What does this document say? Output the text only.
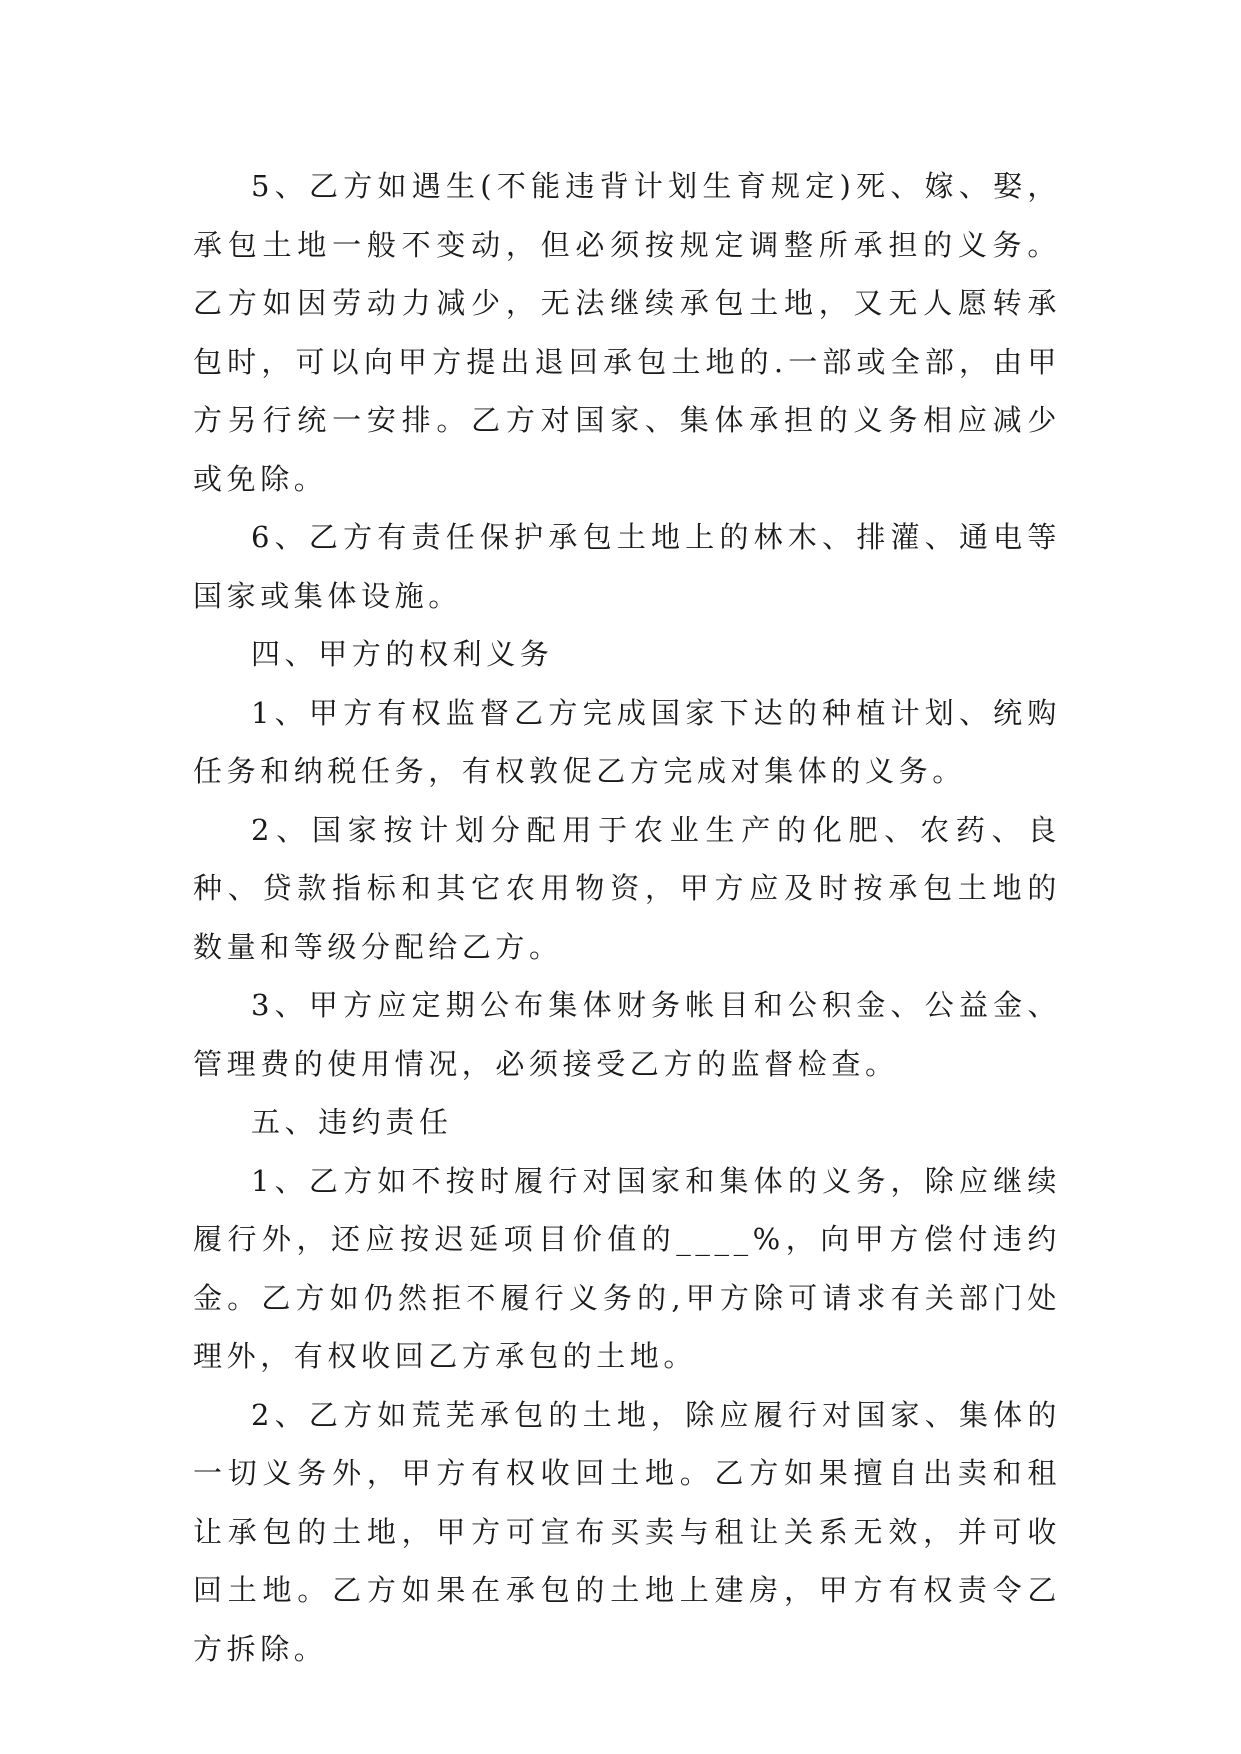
5、乙方如遇生(不能违背计划生育规定)死、嫁、娶，承包土地一般不变动，但必须按规定调整所承担的义务。乙方如因劳动力减少，无法继续承包土地，又无人愿转承包时，可以向甲方提出退回承包土地的.一部或全部，由甲方另行统一安排。乙方对国家、集体承担的义务相应减少或免除。

6、乙方有责任保护承包土地上的林木、排灌、通电等国家或集体设施。

四、甲方的权利义务

1、甲方有权监督乙方完成国家下达的种植计划、统购任务和纳税任务，有权敦促乙方完成对集体的义务。

2、国家按计划分配用于农业生产的化肥、农药、良种、贷款指标和其它农用物资，甲方应及时按承包土地的数量和等级分配给乙方。

3、甲方应定期公布集体财务帐目和公积金、公益金、管理费的使用情况，必须接受乙方的监督检查。

五、违约责任

1、乙方如不按时履行对国家和集体的义务，除应继续履行外，还应按迟延项目价值的____%，向甲方偿付违约金。乙方如仍然拒不履行义务的,甲方除可请求有关部门处理外，有权收回乙方承包的土地。

2、乙方如荒芜承包的土地，除应履行对国家、集体的一切义务外，甲方有权收回土地。乙方如果擅自出卖和租让承包的土地，甲方可宣布买卖与租让关系无效，并可收回土地。乙方如果在承包的土地上建房，甲方有权责令乙方拆除。
